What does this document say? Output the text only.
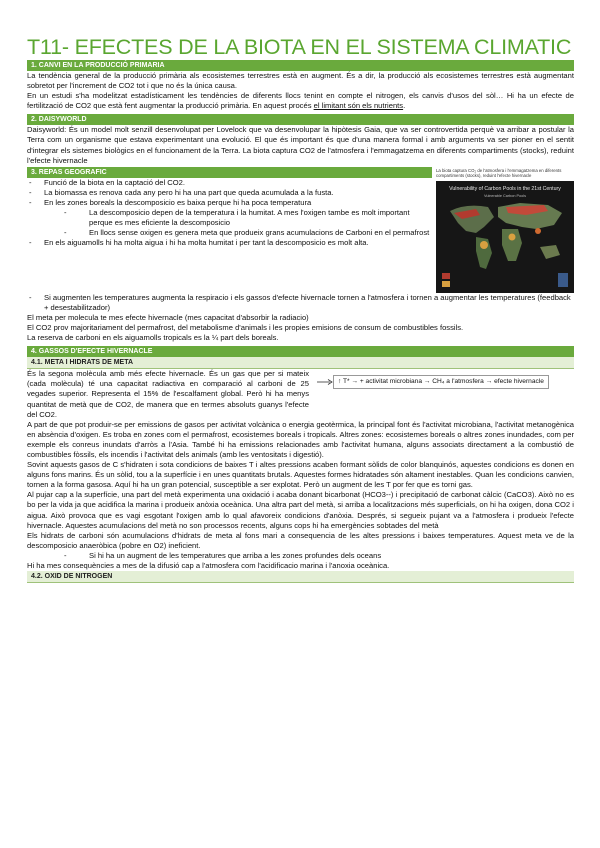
T11- EFECTES DE LA BIOTA EN EL SISTEMA CLIMATIC
1. CANVI EN LA PRODUCCIÓ PRIMARIA

La tendència general de la producció primària als ecosistemes terrestres està en augment. És a dir, la producció als ecosistemes terrestres està augmentant sobretot per l'increment de CO2 tot i que no és la única causa.

En un estudi s'ha modelitzat estadísticament les tendències de diferents llocs tenint en compte el nitrogen, els canvis d'usos del sòl… Hi ha un efecte de fertilització de CO2 que està fent augmentar la producció primària. En aquest procés el limitant són els nutrients.

2. DAISYWORLD

Daisyworld: És un model molt senzill desenvolupat per Lovelock que va desenvolupar la hipòtesis Gaia, que va ser controvertida perquè va arribar a postular la Terra com un organisme que estava experimentant una evolució. El que és important és que d'una manera formal i amb arguments va ser pioner en el sentit d'integrar els sistemes biològics en el funcionament de la Terra. La biota captura CO2 de l'atmosfera i l'emmagatzema en diferents compartiments (stocks), reduint l'efecte hivernacle

3. REPAS GEOGRAFIC
- Funció de la biota en la captació del CO2.
- La biomassa es renova cada any pero hi ha una part que queda acumulada a la fusta.
- En les zones boreals la descomposicio es baixa perque hi ha poca temperatura
- La descomposicio depen de la temperatura i la humitat. A mes l'oxigen tambe es molt important perque es mes eficiente la descomposicio
- En llocs sense oxigen es genera meta que produeix grans acumulacions de Carboni en el permafrost
- En els aiguamolls hi ha molta aigua i hi ha molta humitat i per tant la descomposicio es molt alta.
La biota captura CO₂ de l'atmosfera i l'emmagatzema en diferents compartiments (stocks), reduint l'efecte hivernacle
Vulnerability of Carbon Pools in the 21st Century
Vulnerable Carbon Pools
- Si augmenten les temperatures augmenta la respiracio i els gassos d'efecte hivernacle tornen a l'atmosfera i tornen a augmentar les temperatures (feedback + desestabilitzador)

El meta per molecula te mes efecte hivernacle (mes capacitat d'absorbir la radiacio)

El CO2 prov majoritariament del permafrost, del metabolisme d'animals i les propies emisions de consum de combustibles fossils.

La reserva de carboni en els aiguamolls tropicals es la ¼ part dels boreals.

4. GASSOS D'EFECTE HIVERNACLE
4.1. META I HIDRATS DE META

És la segona molècula amb més efecte hivernacle. És un gas que per si mateix (cada molècula) té una capacitat radiactiva en comparació al carboni de 25 vegades superior. Representa el 15% de l'escalfament global. Però hi ha menys quantitat de metà que de CO2, de manera que en termes absoluts guanys l'efecte del CO2.

↑ T* → + activitat microbiana → CH₄ a l'atmosfera → efecte hivernacle

A part de que pot produir-se per emissions de gasos per activitat volcànica o energia geotèrmica, la principal font és l'activitat microbiana, l'activitat metanogènica en absència d'oxigen. Es troba en zones com el permafrost, ecosistemes boreals i tropicals. Altres zones: ecosistemes boreals o altres zones inundades, com per exemple els conreus inundats d'arròs a l'Asia. També hi ha emissions relacionades amb l'activitat humana, alguns associats directament a la combustió de combustibles fòssils, els incendis i l'activitat dels animals (amb les ventositats i digestió).

Sovint aquests gasos de C s'hidraten i sota condicions de baixes T i altes pressions acaben formant sòlids de color blanquinós, aquestes condicions es donen en alguns fons marins. És un sòlid, tou a la superfície i en unes quantitats brutals. Aquestes formes hidratades són altament inestables. Quan les condicions canvien, tornen a la forma gasosa. Aquí hi ha un gran potencial, susceptible a ser explotat. Però un augment de les T por fer que es torni gas.

Al pujar cap a la superfície, una part del metà experimenta una oxidació i acaba donant bicarbonat (HCO3--) i precipitació de carbonat càlcic (CaCO3). Això no es bo per la vida ja que acidifica la marina i produeix anòxia oceànica. Una altra part del metà, si arriba a localitzacions més superficials, on hi ha oxigen, dona CO2 i aigua. Això provoca que es vagi esgotant l'oxigen amb lo qual afavoreix condicions d'anòxia. Després, si segueix pujant va a l'atmosfera i produeix l'efecte hivernacle. Aquestes acumulacions del metà no son processos recents, alguns cops hi ha emergències sobtades del metà

Els hidrats de carboni són acumulacions d'hidrats de meta al fons mari a consequencia de les altes pressions i baixes temperatures. Aquest meta ve de la descomposicio anaeròbica (pobre en O2) ineficient.

- Si hi ha un augment de les temperatures que arriba a les zones profundes dels oceans

Hi ha mes consequències a mes de la difusió cap a l'atmosfera com l'acidificacio marina i l'anoxia oceànica.

4.2. OXID DE NITROGEN
